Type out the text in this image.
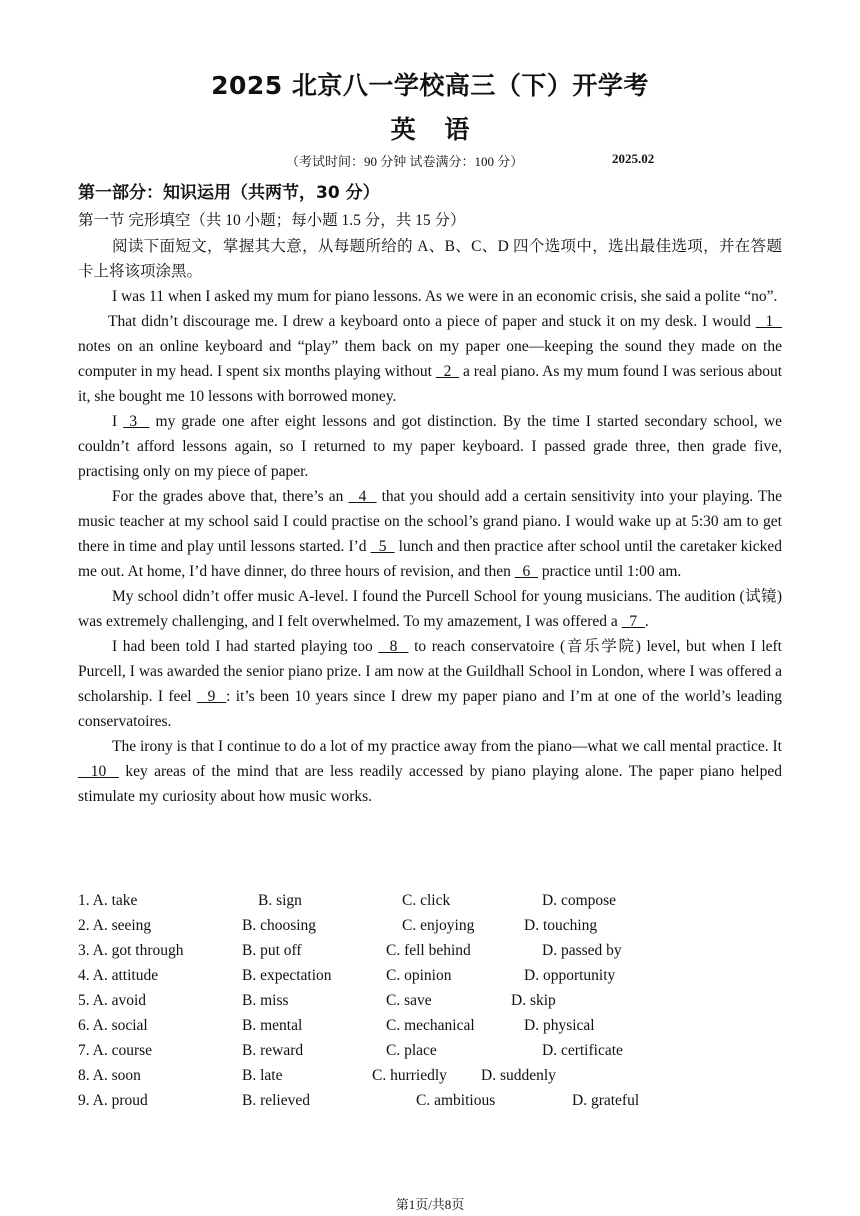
2025 北京八一学校高三（下）开学考
英 语
（考试时间：90 分钟 试卷满分：100 分）	2025.02
第一部分：知识运用（共两节，30 分）
第一节 完形填空（共 10 小题；每小题 1.5 分，共 15 分）

阅读下面短文，掌握其大意，从每题所给的 A、B、C、D 四个选项中，选出最佳选项，并在答题卡上将该项涂黑。

I was 11 when I asked my mum for piano lessons. As we were in an economic crisis, she said a polite “no”.

That didn’t discourage me. I drew a keyboard onto a piece of paper and stuck it on my desk. I would   1   notes on an online keyboard and “play” them back on my paper one—keeping the sound they made on the computer in my head. I spent six months playing without   2   a real piano. As my mum found I was serious about it, she bought me 10 lessons with borrowed money.

I  3   my grade one after eight lessons and got distinction. By the time I started secondary school, we couldn’t afford lessons again, so I returned to my paper keyboard. I passed grade three, then grade five, practising only on my piece of paper.

For the grades above that, there’s an   4   that you should add a certain sensitivity into your playing. The music teacher at my school said I could practise on the school’s grand piano. I would wake up at 5:30 am to get there in time and play until lessons started. I’d   5   lunch and then practice after school until the caretaker kicked me out. At home, I’d have dinner, do three hours of revision, and then   6   practice until 1:00 am.

My school didn’t offer music A-level. I found the Purcell School for young musicians. The audition (试镜) was extremely challenging, and I felt overwhelmed. To my amazement, I was offered a   7  .

I had been told I had started playing too   8   to reach conservatoire (音乐学院) level, but when I left Purcell, I was awarded the senior piano prize. I am now at the Guildhall School in London, where I was offered a scholarship. I feel   9  : it’s been 10 years since I drew my paper piano and I’m at one of the world’s leading conservatoires.

The irony is that I continue to do a lot of my practice away from the piano—what we call mental practice. It   10   key areas of the mind that are less readily accessed by piano playing alone. The paper piano helped stimulate my curiosity about how music works.

1. A. take	B. sign	C. click	D. compose
2. A. seeing	B. choosing	C. enjoying	D. touching
3. A. got through	B. put off	C. fell behind	D. passed by
4. A. attitude	B. expectation	C. opinion	D. opportunity
5. A. avoid	B. miss	C. save	D. skip
6. A. social	B. mental	C. mechanical	D. physical
7. A. course	B. reward	C. place	D. certificate
8. A. soon	B. late	C. hurriedly D. suddenly
9. A. proud	B. relieved	C. ambitious	D. grateful
第1页/共8页
